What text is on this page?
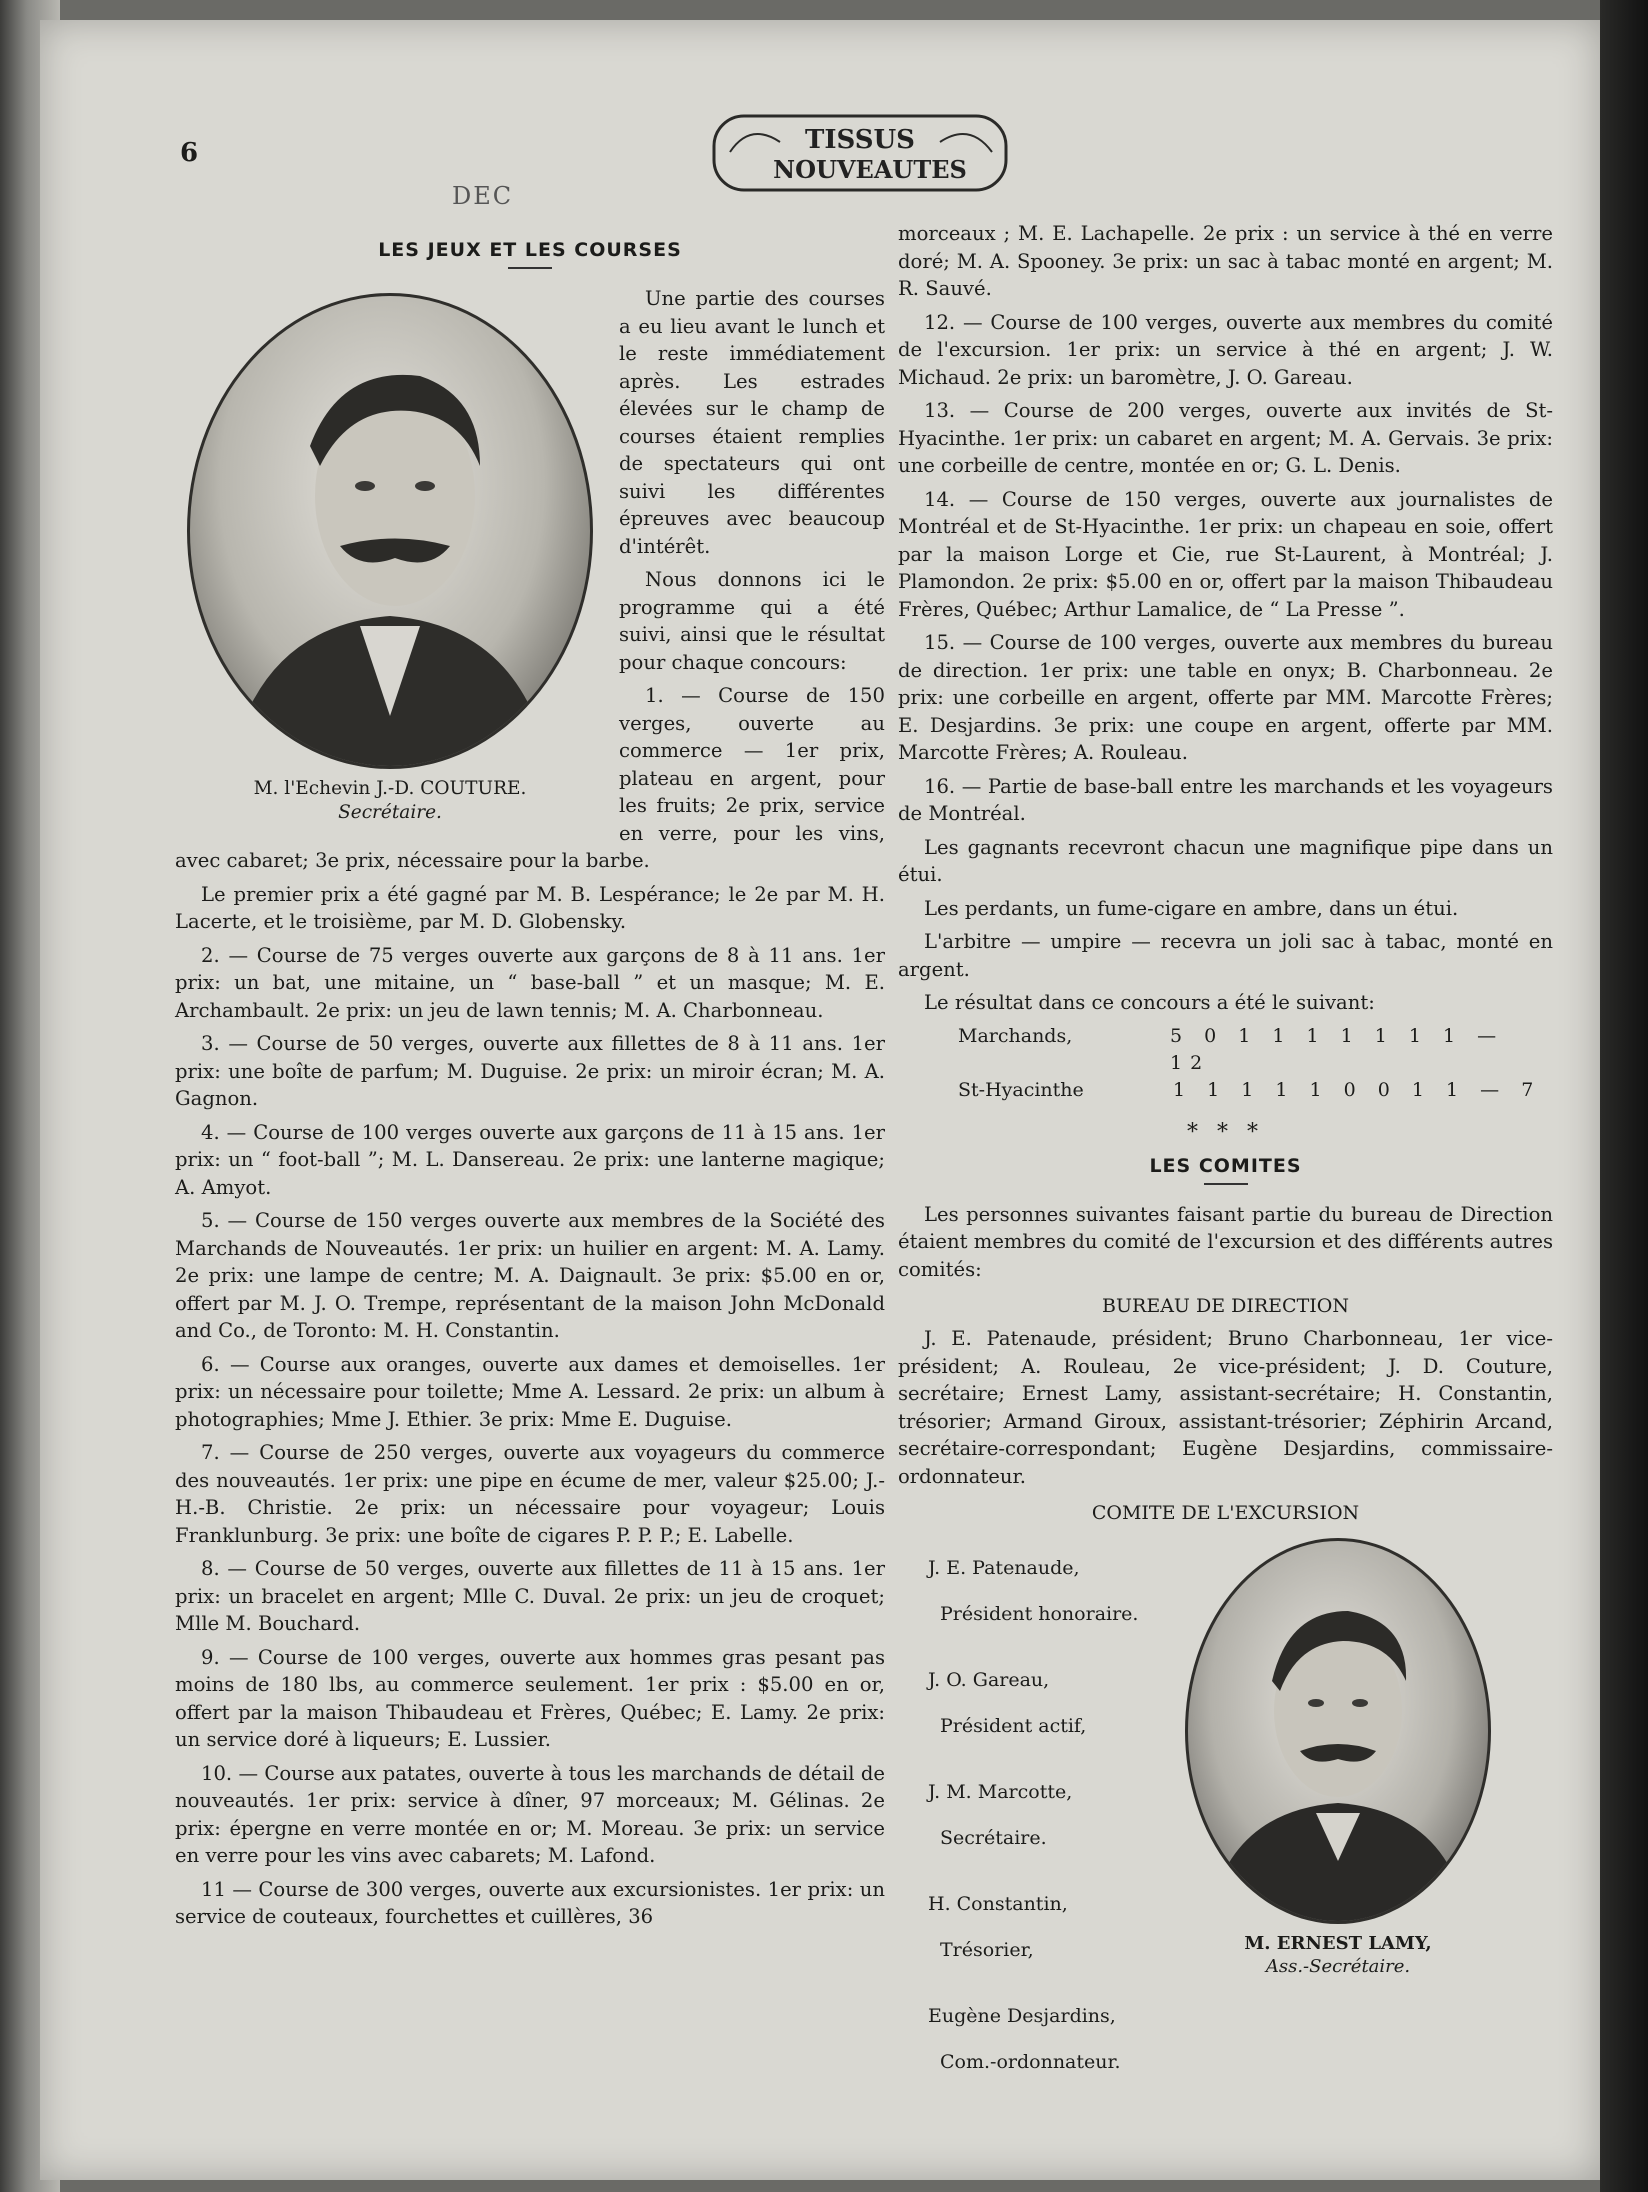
6	TISSUS
NOUVEAUTES
DEC
LES JEUX ET LES COURSES
M. l'Echevin J.-D. COUTURE.
Secrétaire.

Une partie des courses a eu lieu avant le lunch et le reste immédiatement après. Les estrades élevées sur le champ de courses étaient remplies de spectateurs qui ont suivi les différentes épreuves avec beaucoup d'intérêt.

Nous donnons ici le programme qui a été suivi, ainsi que le résultat pour chaque concours:

1. — Course de 150 verges, ouverte au commerce — 1er prix, plateau en argent, pour les fruits; 2e prix, service en verre, pour les vins, avec cabaret; 3e prix, nécessaire pour la barbe.

Le premier prix a été gagné par M. B. Lespérance; le 2e par M. H. Lacerte, et le troisième, par M. D. Globensky.

2. — Course de 75 verges ouverte aux garçons de 8 à 11 ans. 1er prix: un bat, une mitaine, un “ base-ball ” et un masque; M. E. Archambault. 2e prix: un jeu de lawn tennis; M. A. Charbonneau.

3. — Course de 50 verges, ouverte aux fillettes de 8 à 11 ans. 1er prix: une boîte de parfum; M. Duguise. 2e prix: un miroir écran; M. A. Gagnon.

4. — Course de 100 verges ouverte aux garçons de 11 à 15 ans. 1er prix: un “ foot-ball ”; M. L. Dansereau. 2e prix: une lanterne magique; A. Amyot.

5. — Course de 150 verges ouverte aux membres de la Société des Marchands de Nouveautés. 1er prix: un huilier en argent: M. A. Lamy. 2e prix: une lampe de centre; M. A. Daignault. 3e prix: $5.00 en or, offert par M. J. O. Trempe, représentant de la maison John McDonald and Co., de Toronto: M. H. Constantin.

6. — Course aux oranges, ouverte aux dames et demoiselles. 1er prix: un nécessaire pour toilette; Mme A. Lessard. 2e prix: un album à photographies; Mme J. Ethier. 3e prix: Mme E. Duguise.

7. — Course de 250 verges, ouverte aux voyageurs du commerce des nouveautés. 1er prix: une pipe en écume de mer, valeur $25.00; J.-H.-B. Christie. 2e prix: un nécessaire pour voyageur; Louis Franklunburg. 3e prix: une boîte de cigares P. P. P.; E. Labelle.

8. — Course de 50 verges, ouverte aux fillettes de 11 à 15 ans. 1er prix: un bracelet en argent; Mlle C. Duval. 2e prix: un jeu de croquet; Mlle M. Bouchard.

9. — Course de 100 verges, ouverte aux hommes gras pesant pas moins de 180 lbs, au commerce seulement. 1er prix : $5.00 en or, offert par la maison Thibaudeau et Frères, Québec; E. Lamy. 2e prix: un service doré à liqueurs; E. Lussier.

10. — Course aux patates, ouverte à tous les marchands de détail de nouveautés. 1er prix: service à dîner, 97 morceaux; M. Gélinas. 2e prix: épergne en verre montée en or; M. Moreau. 3e prix: un service en verre pour les vins avec cabarets; M. Lafond.

11 — Course de 300 verges, ouverte aux excursionistes. 1er prix: un service de couteaux, fourchettes et cuillères, 36

morceaux ; M. E. Lachapelle. 2e prix : un service à thé en verre doré; M. A. Spooney. 3e prix: un sac à tabac monté en argent; M. R. Sauvé.

12. — Course de 100 verges, ouverte aux membres du comité de l'excursion. 1er prix: un service à thé en argent; J. W. Michaud. 2e prix: un baromètre, J. O. Gareau.

13. — Course de 200 verges, ouverte aux invités de St-Hyacinthe. 1er prix: un cabaret en argent; M. A. Gervais. 3e prix: une corbeille de centre, montée en or; G. L. Denis.

14. — Course de 150 verges, ouverte aux journalistes de Montréal et de St-Hyacinthe. 1er prix: un chapeau en soie, offert par la maison Lorge et Cie, rue St-Laurent, à Montréal; J. Plamondon. 2e prix: $5.00 en or, offert par la maison Thibaudeau Frères, Québec; Arthur Lamalice, de “ La Presse ”.

15. — Course de 100 verges, ouverte aux membres du bureau de direction. 1er prix: une table en onyx; B. Charbonneau. 2e prix: une corbeille en argent, offerte par MM. Marcotte Frères; E. Desjardins. 3e prix: une coupe en argent, offerte par MM. Marcotte Frères; A. Rouleau.

16. — Partie de base-ball entre les marchands et les voyageurs de Montréal.

Les gagnants recevront chacun une magnifique pipe dans un étui.

Les perdants, un fume-cigare en ambre, dans un étui.

L'arbitre — umpire — recevra un joli sac à tabac, monté en argent.

Le résultat dans ce concours a été le suivant:

Marchands,	5 0 1 1 1 1 1 1 1 — 12
St-Hyacinthe	1 1 1 1 1 0 0 1 1 — 7
* * *
LES COMITES

Les personnes suivantes faisant partie du bureau de Direction étaient membres du comité de l'excursion et des différents autres comités:

BUREAU DE DIRECTION

J. E. Patenaude, président; Bruno Charbonneau, 1er vice-président; A. Rouleau, 2e vice-président; J. D. Couture, secrétaire; Ernest Lamy, assistant-secrétaire; H. Constantin, trésorier; Armand Giroux, assistant-trésorier; Zéphirin Arcand, secrétaire-correspondant; Eugène Desjardins, commissaire-ordonnateur.

COMITE DE L'EXCURSION
J. E. Patenaude,
Président honoraire.
J. O. Gareau,
Président actif,
J. M. Marcotte,
Secrétaire.
H. Constantin,
Trésorier,
Eugène Desjardins,
Com.-ordonnateur.
M. ERNEST LAMY,
Ass.-Secrétaire.
